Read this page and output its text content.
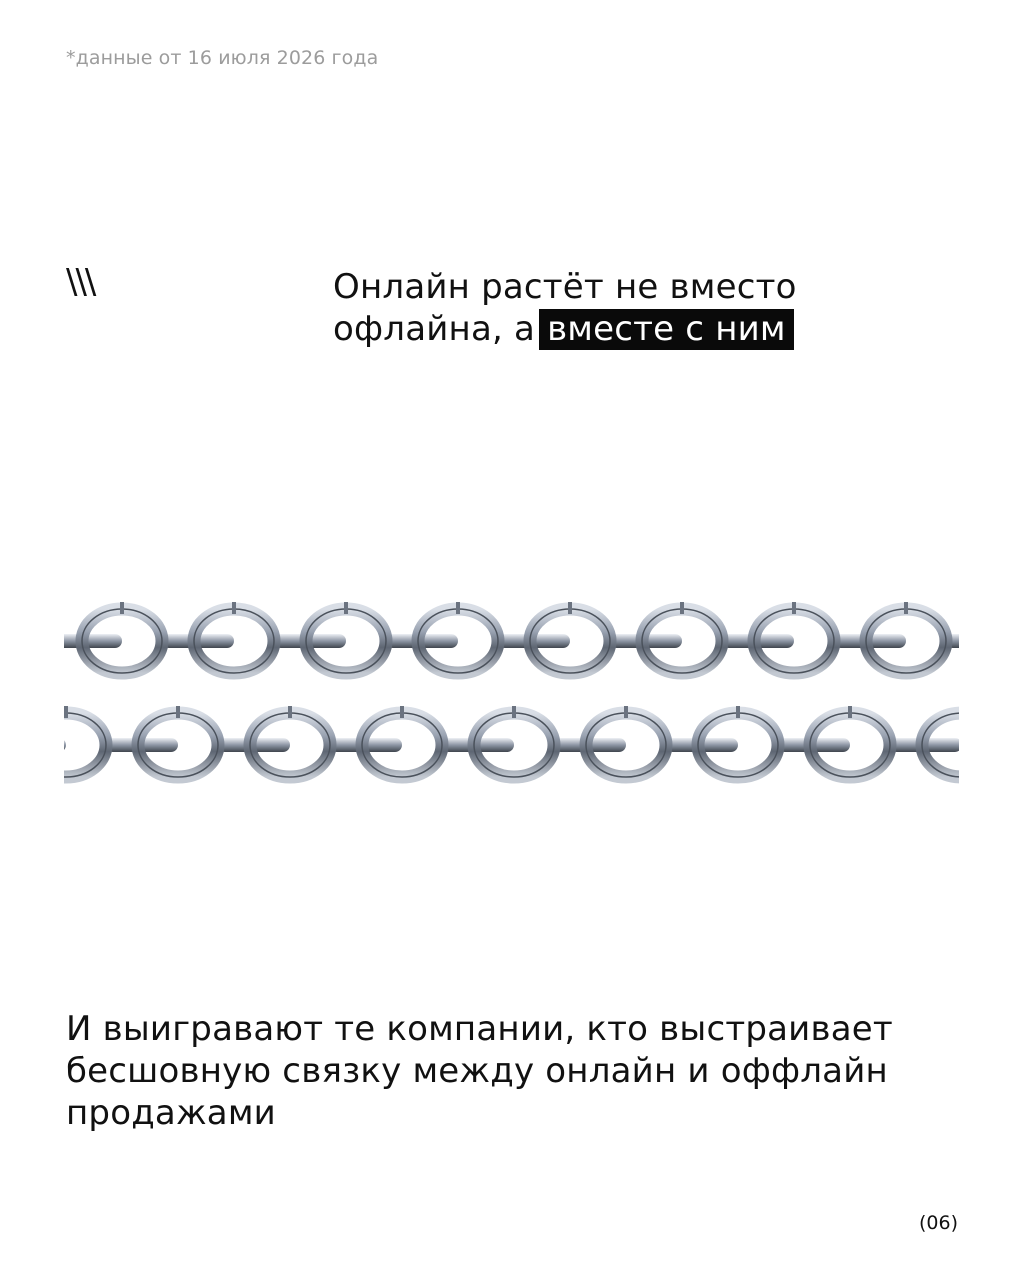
*данные от 16 июля 2026 года
\\\	Онлайн растёт не вместо
офлайна, а вместе с ним
И выигравают те компании, кто выстраивает
бесшовную связку между онлайн и оффлайн
продажами
(06)
